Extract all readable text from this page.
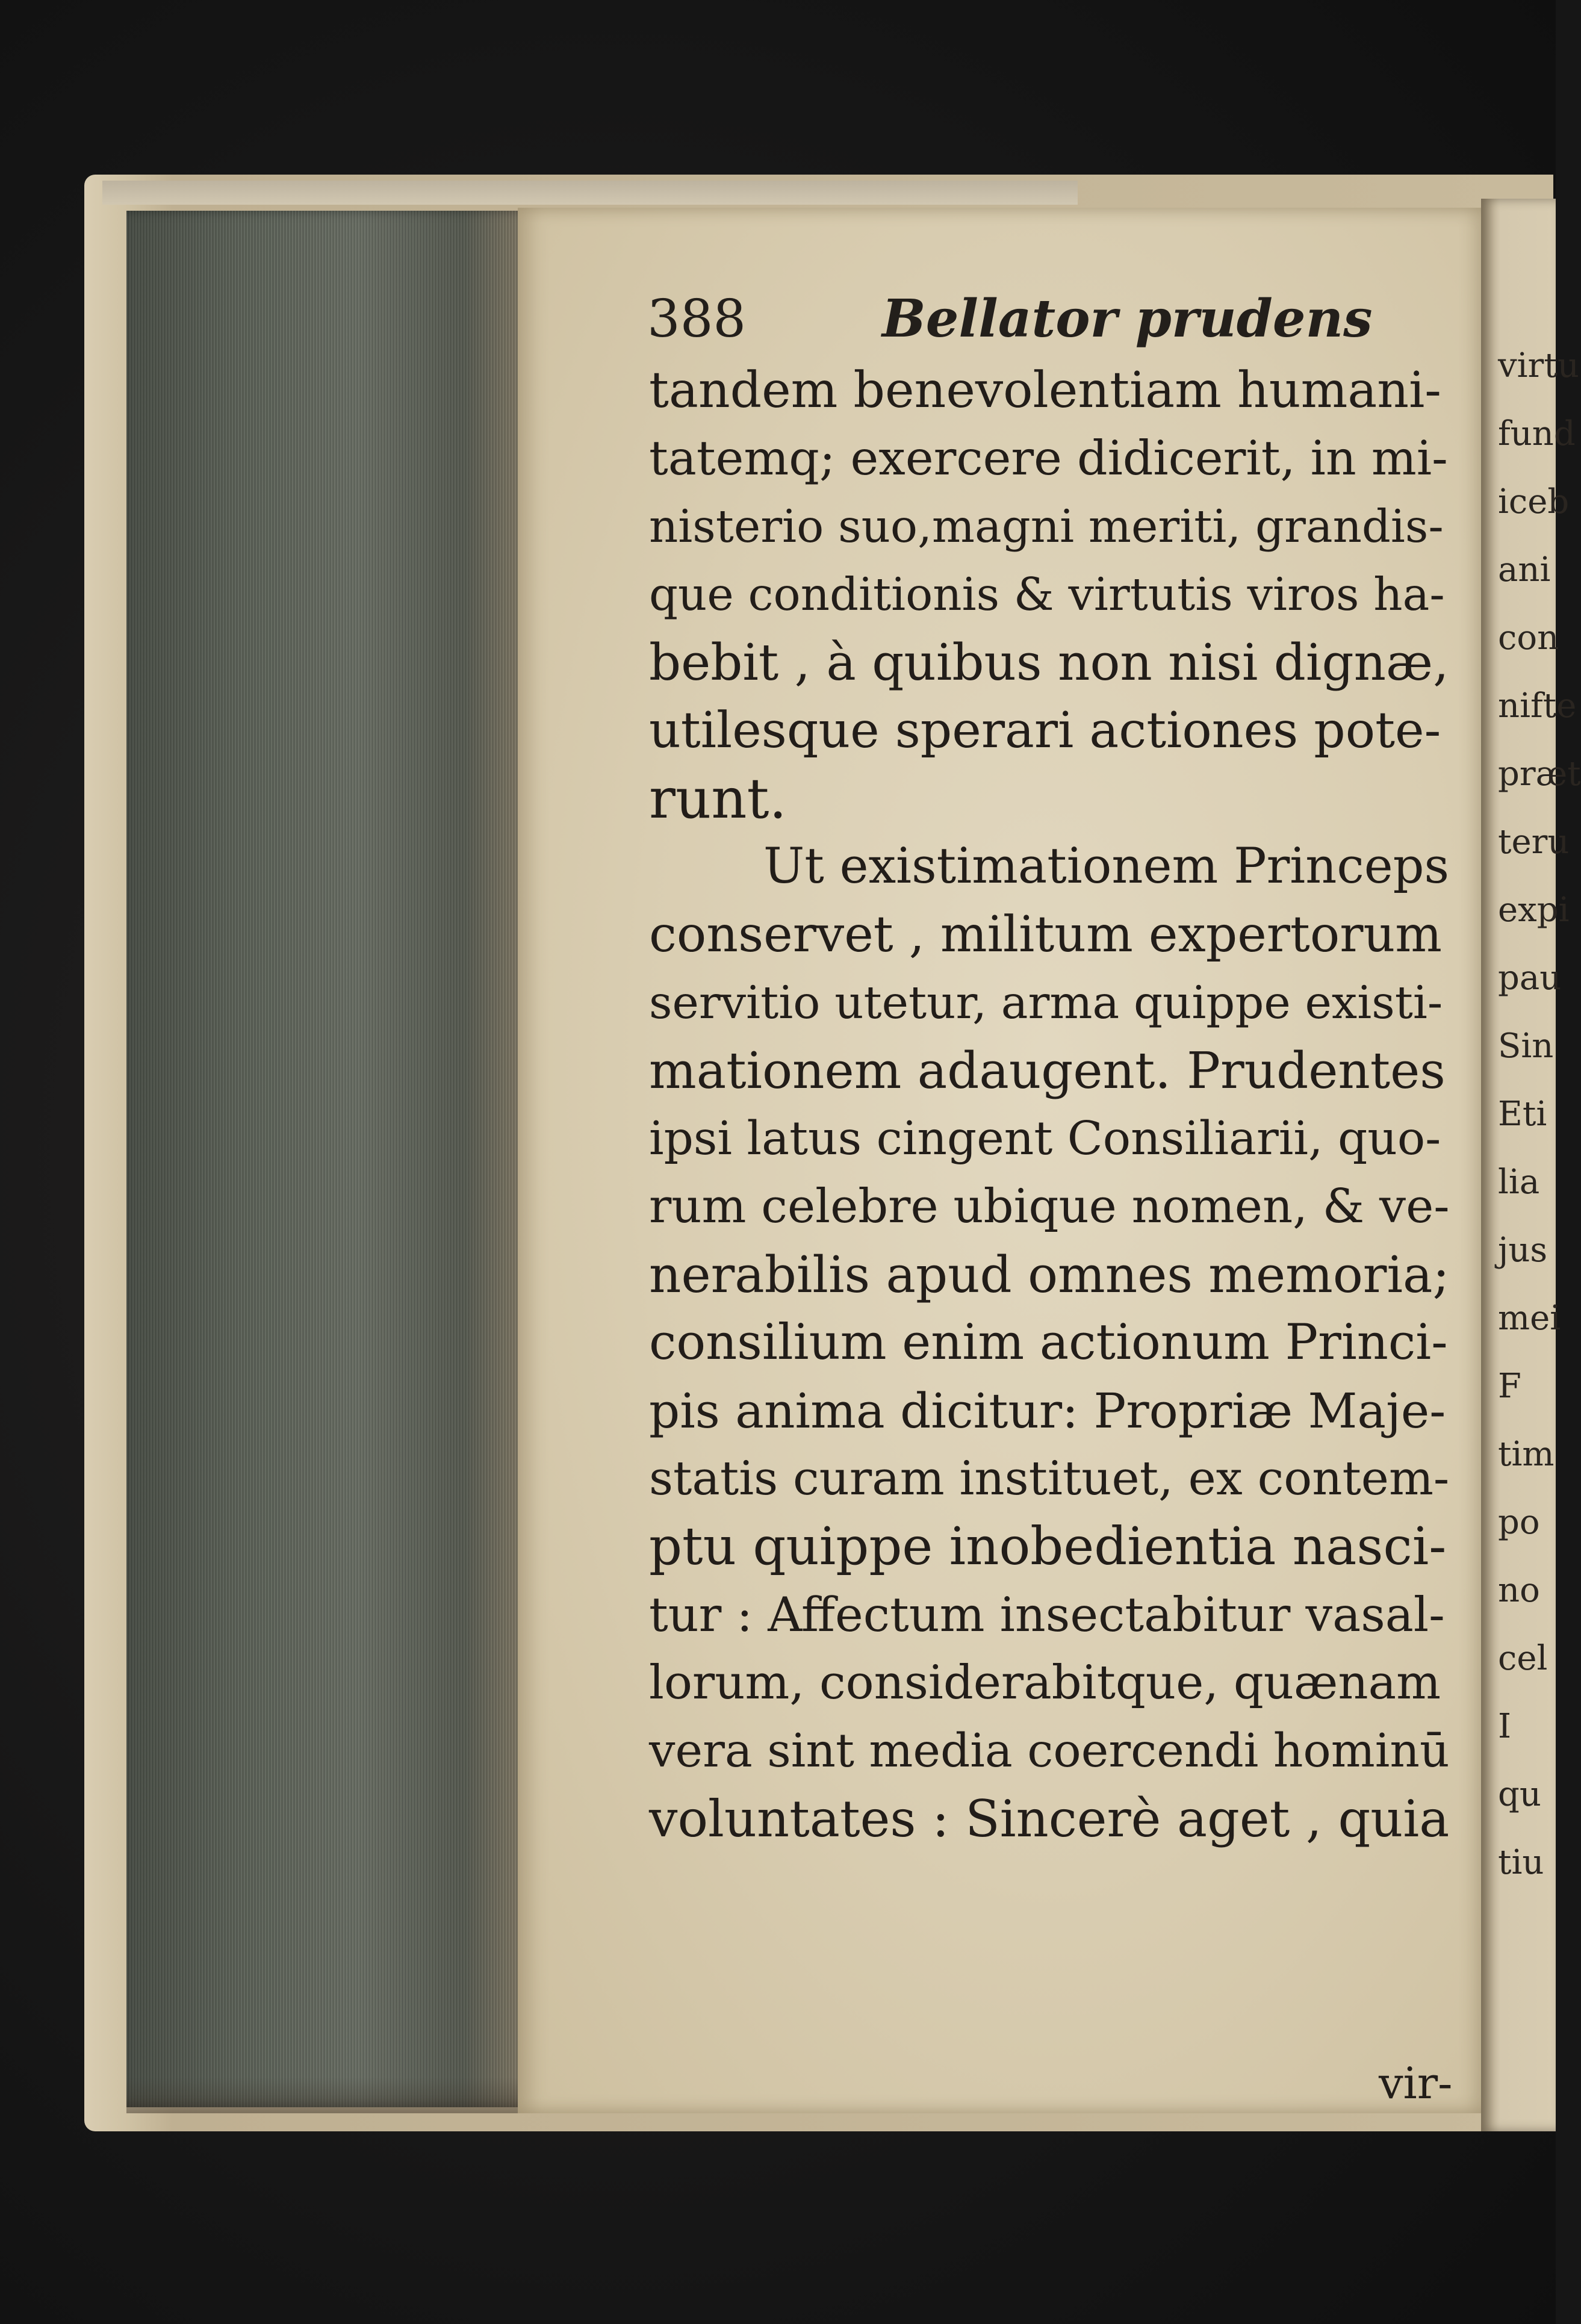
virtu
fund
iceb
ani
con
nifte
præt
teru
expi
pau
Sin
Eti
lia
jus
mei
F
tim
po
no
cel
I
qu
tiu
388	Bellator prudens
tandem benevolentiam humani-
tatemq; exercere didicerit, in mi-
nisterio suo,magni meriti, grandis-
que conditionis & virtutis viros ha-
bebit , à quibus non nisi dignæ,
utilesque sperari actiones pote-
runt.
Ut existimationem Princeps
conservet , militum expertorum
servitio utetur, arma quippe existi-
mationem adaugent. Prudentes
ipsi latus cingent Consiliarii, quo-
rum celebre ubique nomen, & ve-
nerabilis apud omnes memoria;
consilium enim actionum Princi-
pis anima dicitur: Propriæ Maje-
statis curam instituet, ex contem-
ptu quippe inobedientia nasci-
tur : Affectum insectabitur vasal-
lorum, considerabitque, quænam
vera sint media coercendi hominū
voluntates : Sincerè aget , quia
vir-
